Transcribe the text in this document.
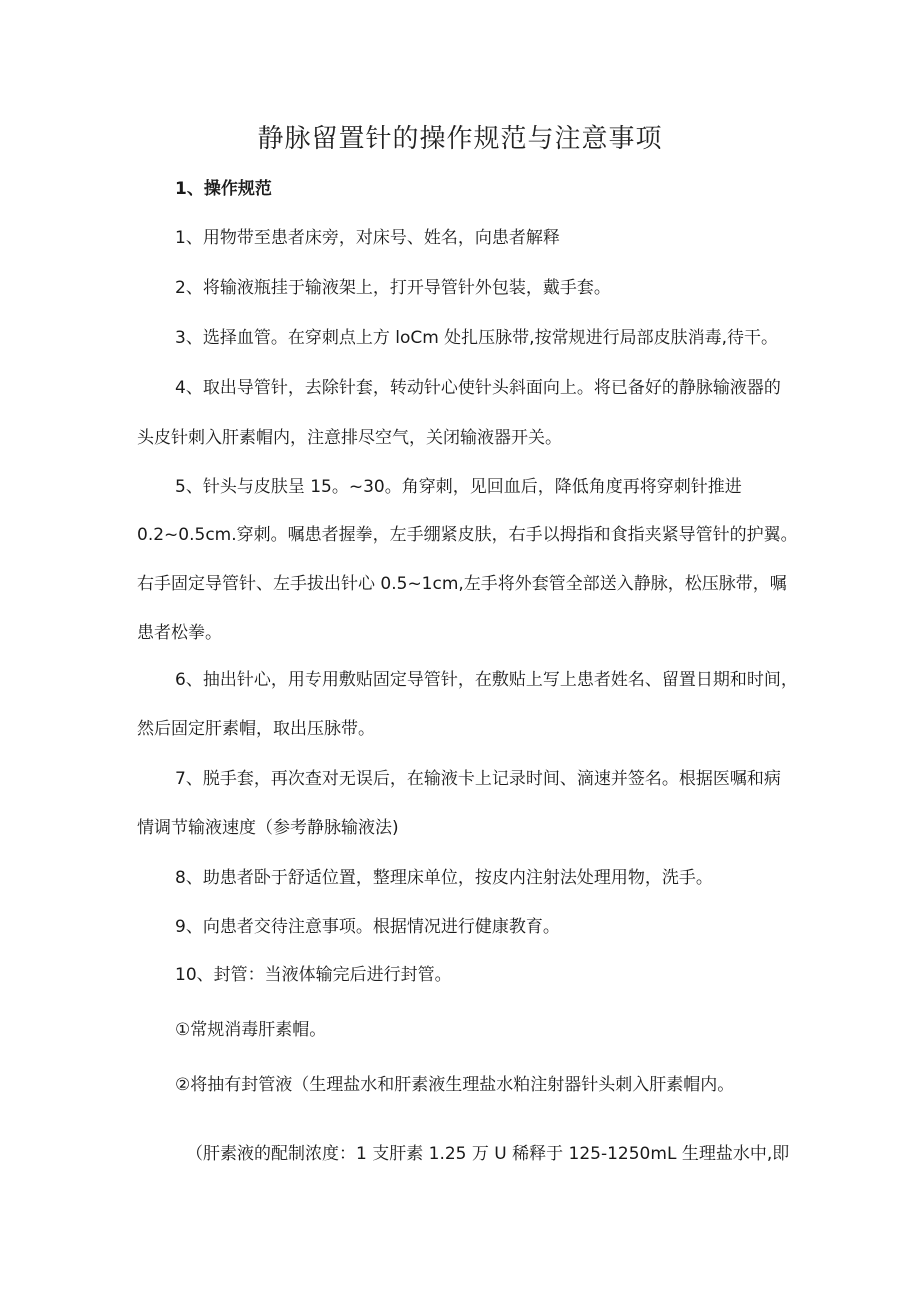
静脉留置针的操作规范与注意事项
1、操作规范
1、用物带至患者床旁，对床号、姓名，向患者解释
2、将输液瓶挂于输液架上，打开导管针外包装，戴手套。
3、选择血管。在穿刺点上方 loCm 处扎压脉带,按常规进行局部皮肤消毒,待干。
4、取出导管针，去除针套，转动针心使针头斜面向上。将已备好的静脉输液器的
头皮针刺入肝素帽内，注意排尽空气，关闭输液器开关。
5、针头与皮肤呈 15。~30。角穿刺，见回血后，降低角度再将穿刺针推进
0.2~0.5cm.穿刺。嘱患者握拳，左手绷紧皮肤，右手以拇指和食指夹紧导管针的护翼。
右手固定导管针、左手拔出针心 0.5~1cm,左手将外套管全部送入静脉，松压脉带，嘱
患者松拳。
6、抽出针心，用专用敷贴固定导管针，在敷贴上写上患者姓名、留置日期和时间，
然后固定肝素帽，取出压脉带。
7、脱手套，再次查对无误后，在输液卡上记录时间、滴速并签名。根据医嘱和病
情调节输液速度（参考静脉输液法)
8、助患者卧于舒适位置，整理床单位，按皮内注射法处理用物，洗手。
9、向患者交待注意事项。根据情况进行健康教育。
10、封管：当液体输完后进行封管。
①常规消毒肝素帽。
②将抽有封管液（生理盐水和肝素液生理盐水粕注射器针头刺入肝素帽内。
（肝素液的配制浓度：1 支肝素 1.25 万 U 稀释于 125-1250mL 生理盐水中,即
